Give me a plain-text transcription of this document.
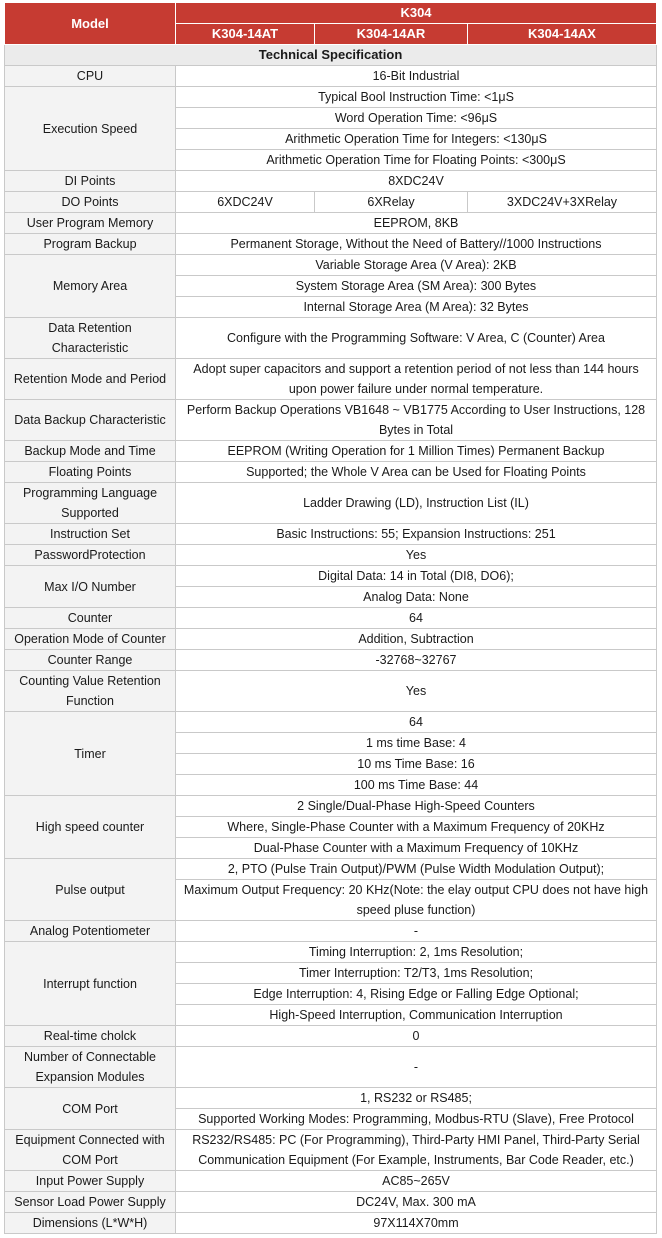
Model	K304		
	K304-14AT	K304-14AR	K304-14AX
Technical Specification			
CPU	16-Bit Industrial		
Execution Speed	Typical Bool Instruction Time: <1μS		
	Word Operation Time: <96μS		
	Arithmetic Operation Time for Integers: <130μS		
	Arithmetic Operation Time for Floating Points: <300μS		
DI Points	8XDC24V		
DO Points	6XDC24V	6XRelay	3XDC24V+3XRelay
User Program Memory	EEPROM, 8KB		
Program Backup	Permanent Storage, Without the Need of Battery//1000 Instructions		
Memory Area	Variable Storage Area (V Area): 2KB		
	System Storage Area (SM Area): 300 Bytes		
	Internal Storage Area (M Area): 32 Bytes		
Data Retention Characteristic	Configure with the Programming Software: V Area, C (Counter) Area		
Retention Mode and Period	Adopt super capacitors and support a retention period of not less than 144 hours upon power failure under normal temperature.		
Data Backup Characteristic	Perform Backup Operations VB1648 ~ VB1775 According to User Instructions, 128 Bytes in Total		
Backup Mode and Time	EEPROM (Writing Operation for 1 Million Times) Permanent Backup		
Floating Points	Supported; the Whole V Area can be Used for Floating Points		
Programming Language Supported	Ladder Drawing (LD), Instruction List (IL)		
Instruction Set	Basic Instructions: 55; Expansion Instructions: 251		
PasswordProtection	Yes		
Max I/O Number	Digital Data: 14 in Total (DI8, DO6);		
	Analog Data: None		
Counter	64		
Operation Mode of Counter	Addition, Subtraction		
Counter Range	-32768~32767		
Counting Value Retention Function	Yes		
Timer	64		
	1 ms time Base: 4		
	10 ms Time Base: 16		
	100 ms Time Base: 44		
High speed counter	2 Single/Dual-Phase High-Speed Counters		
	Where, Single-Phase Counter with a Maximum Frequency of 20KHz		
	Dual-Phase Counter with a Maximum Frequency of 10KHz		
Pulse output	2, PTO (Pulse Train Output)/PWM (Pulse Width Modulation Output);		
	Maximum Output Frequency: 20 KHz(Note: the elay output CPU does not have high speed pluse function)		
Analog Potentiometer	-		
Interrupt function	Timing Interruption: 2, 1ms Resolution;		
	Timer Interruption: T2/T3, 1ms Resolution;		
	Edge Interruption: 4, Rising Edge or Falling Edge Optional;		
	High-Speed Interruption, Communication Interruption		
Real-time cholck	0		
Number of Connectable Expansion Modules	-		
COM Port	1, RS232 or RS485;		
	Supported Working Modes: Programming, Modbus-RTU (Slave), Free Protocol		
Equipment Connected with COM Port	RS232/RS485: PC (For Programming), Third-Party HMI Panel, Third-Party Serial Communication Equipment (For Example, Instruments, Bar Code Reader, etc.)		
Input Power Supply	AC85~265V		
Sensor Load Power Supply	DC24V, Max. 300 mA		
Dimensions (L*W*H)	97X114X70mm		
